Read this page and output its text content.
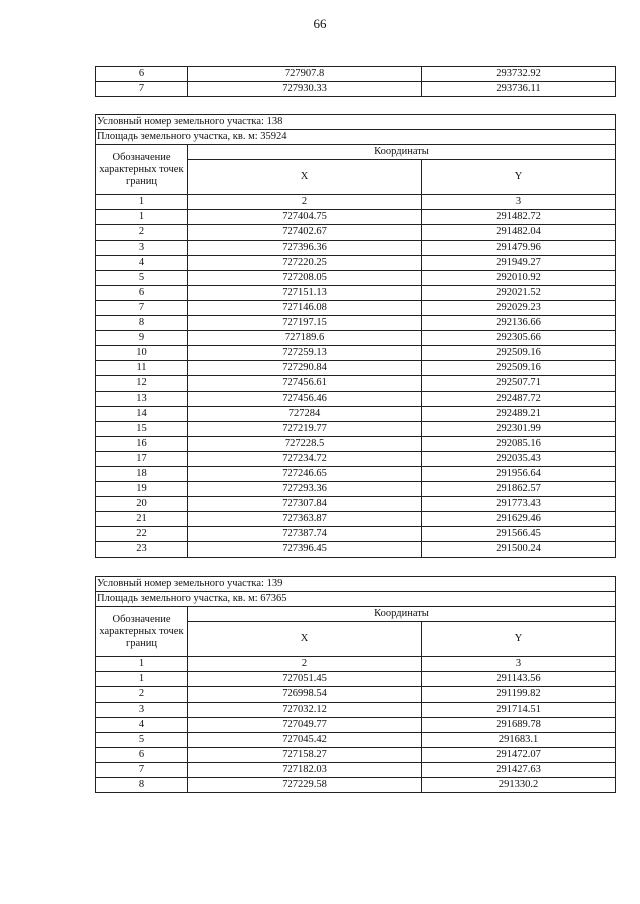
66
6	727907.8	293732.92
7	727930.33	293736.11
Условный номер земельного участка: 138		
Площадь земельного участка, кв. м: 35924		
Обозначение характерных точек границ	Координаты	
	X	Y
1	2	3
1	727404.75	291482.72
2	727402.67	291482.04
3	727396.36	291479.96
4	727220.25	291949.27
5	727208.05	292010.92
6	727151.13	292021.52
7	727146.08	292029.23
8	727197.15	292136.66
9	727189.6	292305.66
10	727259.13	292509.16
11	727290.84	292509.16
12	727456.61	292507.71
13	727456.46	292487.72
14	727284	292489.21
15	727219.77	292301.99
16	727228.5	292085.16
17	727234.72	292035.43
18	727246.65	291956.64
19	727293.36	291862.57
20	727307.84	291773.43
21	727363.87	291629.46
22	727387.74	291566.45
23	727396.45	291500.24
Условный номер земельного участка: 139		
Площадь земельного участка, кв. м: 67365		
Обозначение характерных точек границ	Координаты	
	X	Y
1	2	3
1	727051.45	291143.56
2	726998.54	291199.82
3	727032.12	291714.51
4	727049.77	291689.78
5	727045.42	291683.1
6	727158.27	291472.07
7	727182.03	291427.63
8	727229.58	291330.2
